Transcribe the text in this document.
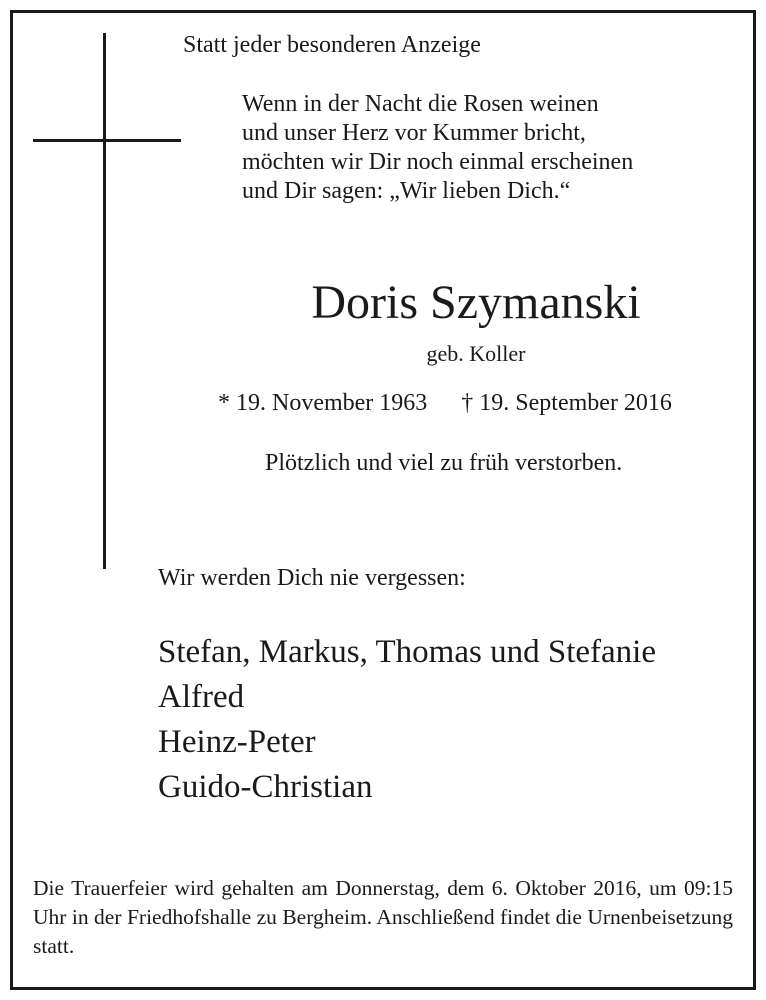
Statt jeder besonderen Anzeige
Wenn in der Nacht die Rosen weinen
und unser Herz vor Kummer bricht,
möchten wir Dir noch einmal erscheinen
und Dir sagen: „Wir lieben Dich.“
Doris Szymanski
geb. Koller
* 19. November 1963 † 19. September 2016
Plötzlich und viel zu früh verstorben.
Wir werden Dich nie vergessen:
Stefan, Markus, Thomas und Stefanie
Alfred
Heinz-Peter
Guido-Christian
Die Trauerfeier wird gehalten am Donnerstag, dem 6. Oktober 2016, um 09:15 Uhr in der Friedhofshalle zu Bergheim. Anschließend findet die Urnenbeisetzung statt.
